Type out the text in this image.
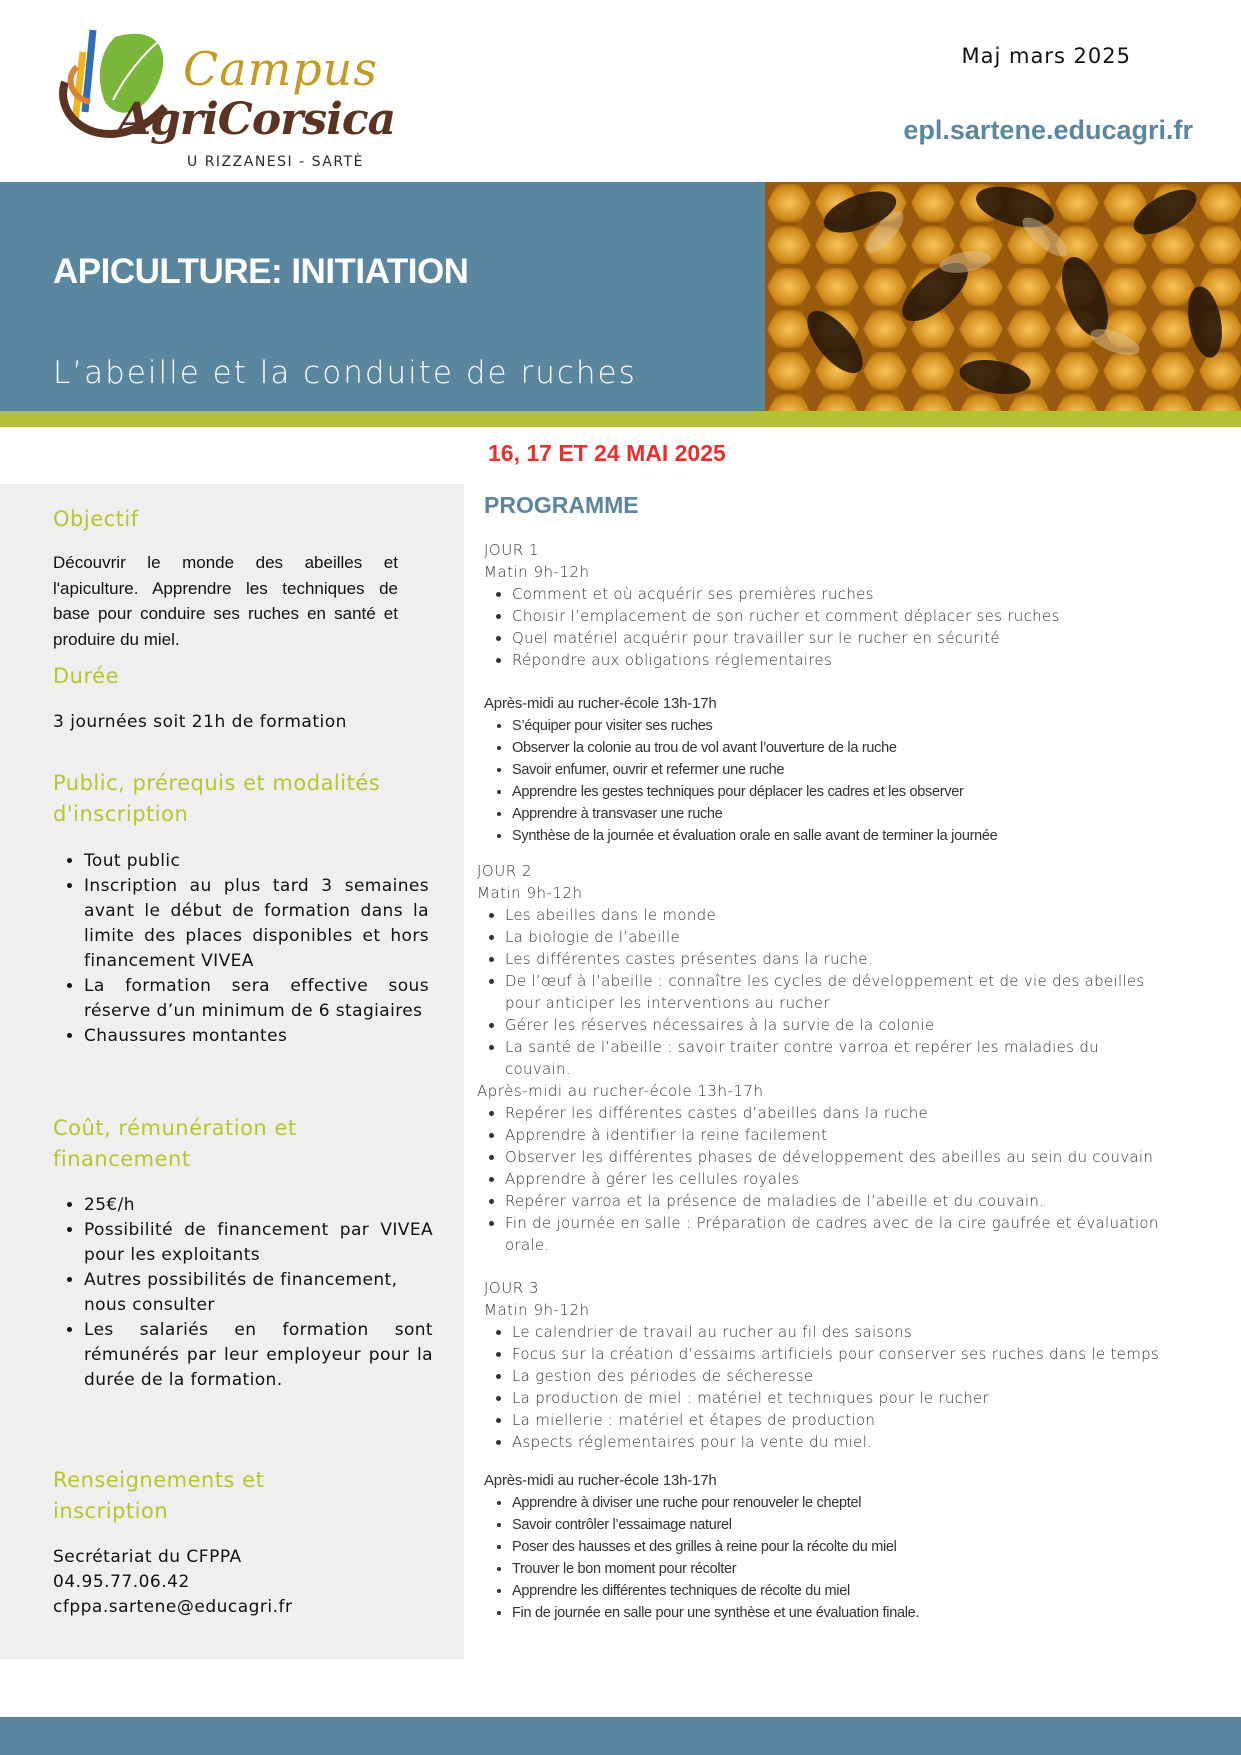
Campus
AgriCorsica
U RIZZANESI - SARTÈ
Maj mars 2025
epl.sartene.educagri.fr
APICULTURE: INITIATION
L’abeille et la conduite de ruches
16, 17 ET 24 MAI 2025
Objectif
Découvrir le monde des abeilles et l'apiculture. Apprendre les techniques de base pour conduire ses ruches en santé et produire du miel.
Durée
3 journées soit 21h de formation
Public, prérequis et modalités d'inscription
• Tout public
• Inscription au plus tard 3 semaines avant le début de formation dans la limite des places disponibles et hors financement VIVEA
• La formation sera effective sous réserve d’un minimum de 6 stagiaires
• Chaussures montantes
Coût, rémunération et financement
• 25€/h
• Possibilité de financement par VIVEA pour les exploitants
• Autres possibilités de financement, nous consulter
• Les salariés en formation sont rémunérés par leur employeur pour la durée de la formation.
Renseignements et inscription
Secrétariat du CFPPA
04.95.77.06.42
cfppa.sartene@educagri.fr
PROGRAMME
JOUR 1
Matin 9h-12h
• Comment et où acquérir ses premières ruches
• Choisir l’emplacement de son rucher et comment déplacer ses ruches
• Quel matériel acquérir pour travailler sur le rucher en sécurité
• Répondre aux obligations réglementaires
Après-midi au rucher-école 13h-17h
• S’équiper pour visiter ses ruches
• Observer la colonie au trou de vol avant l’ouverture de la ruche
• Savoir enfumer, ouvrir et refermer une ruche
• Apprendre les gestes techniques pour déplacer les cadres et les observer
• Apprendre à transvaser une ruche
• Synthèse de la journée et évaluation orale en salle avant de terminer la journée
JOUR 2
Matin 9h-12h
• Les abeilles dans le monde
• La biologie de l’abeille
• Les différentes castes présentes dans la ruche.
• De l’œuf à l’abeille : connaître les cycles de développement et de vie des abeilles pour anticiper les interventions au rucher
• Gérer les réserves nécessaires à la survie de la colonie
• La santé de l’abeille : savoir traiter contre varroa et repérer les maladies du couvain.
Après-midi au rucher-école 13h-17h
• Repérer les différentes castes d’abeilles dans la ruche
• Apprendre à identifier la reine facilement
• Observer les différentes phases de développement des abeilles au sein du couvain
• Apprendre à gérer les cellules royales
• Repérer varroa et la présence de maladies de l’abeille et du couvain.
• Fin de journée en salle : Préparation de cadres avec de la cire gaufrée et évaluation orale.
JOUR 3
Matin 9h-12h
• Le calendrier de travail au rucher au fil des saisons
• Focus sur la création d’essaims artificiels pour conserver ses ruches dans le temps
• La gestion des périodes de sécheresse
• La production de miel : matériel et techniques pour le rucher
• La miellerie : matériel et étapes de production
• Aspects réglementaires pour la vente du miel.
Après-midi au rucher-école 13h-17h
• Apprendre à diviser une ruche pour renouveler le cheptel
• Savoir contrôler l’essaimage naturel
• Poser des hausses et des grilles à reine pour la récolte du miel
• Trouver le bon moment pour récolter
• Apprendre les différentes techniques de récolte du miel
• Fin de journée en salle pour une synthèse et une évaluation finale.
